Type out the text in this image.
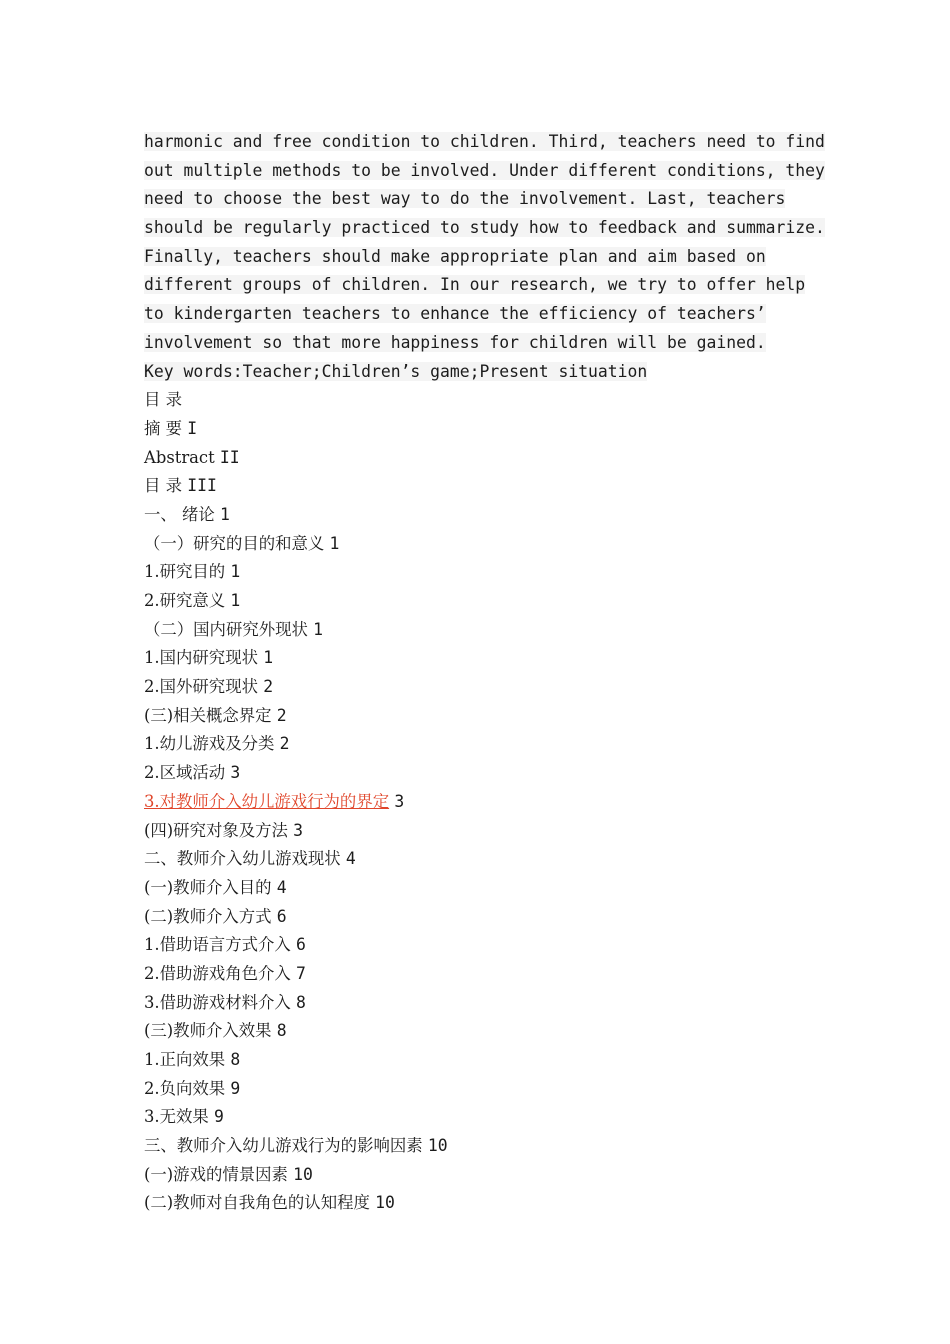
harmonic and free condition to children. Third, teachers need to find
out multiple methods to be involved. Under different conditions, they
need to choose the best way to do the involvement. Last, teachers
should be regularly practiced to study how to feedback and summarize.
Finally, teachers should make appropriate plan and aim based on
different groups of children. In our research, we try to offer help
to kindergarten teachers to enhance the efficiency of teachers’
involvement so that more happiness for children will be gained.
Key words:Teacher;Children’s game;Present situation
目 录
摘 要 I
Abstract II
目 录 III
一、 绪论 1
（一）研究的目的和意义 1
1.研究目的 1
2.研究意义 1
（二）国内研究外现状 1
1.国内研究现状 1
2.国外研究现状 2
(三)相关概念界定 2
1.幼儿游戏及分类 2
2.区域活动 3
3.对教师介入幼儿游戏行为的界定 3
(四)研究对象及方法 3
二、教师介入幼儿游戏现状 4
(一)教师介入目的 4
(二)教师介入方式 6
1.借助语言方式介入 6
2.借助游戏角色介入 7
3.借助游戏材料介入 8
(三)教师介入效果 8
1.正向效果 8
2.负向效果 9
3.无效果 9
三、教师介入幼儿游戏行为的影响因素 10
(一)游戏的情景因素 10
(二)教师对自我角色的认知程度 10
